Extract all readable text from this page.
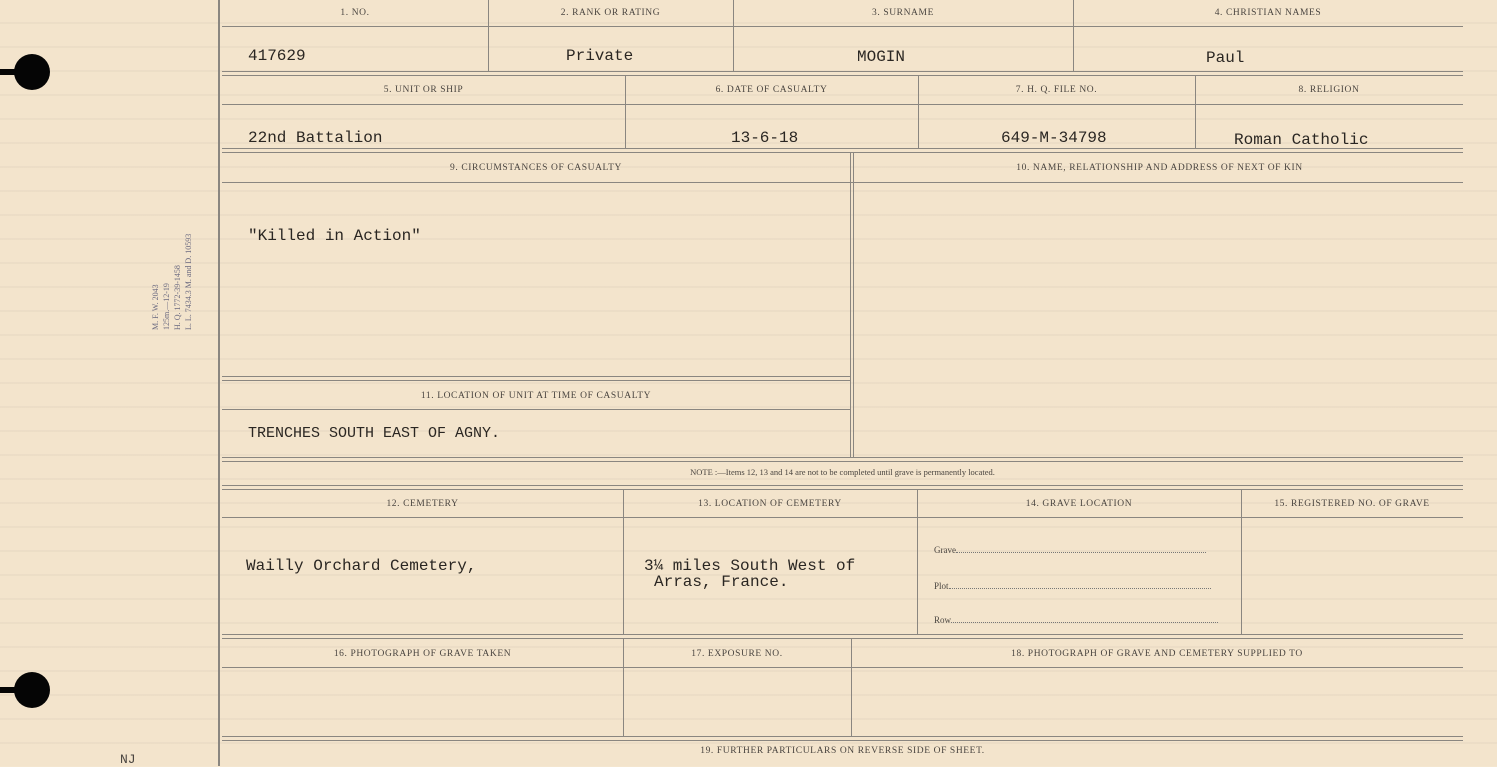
M. F. W. 2043 125m.—12-19 H. Q. 1772-39-1458 L. L. 7434.3 M. and D. 10593
NJ
1. NO.	2. RANK OR RATING	3. SURNAME	4. CHRISTIAN NAMES
417629	Private	MOGIN	Paul
5. UNIT OR SHIP	6. DATE OF CASUALTY	7. H. Q. FILE NO.	8. RELIGION
22nd Battalion	13-6-18	649-M-34798	Roman Catholic
9. CIRCUMSTANCES OF CASUALTY	10. NAME, RELATIONSHIP AND ADDRESS OF NEXT OF KIN
"Killed in Action"
11. LOCATION OF UNIT AT TIME OF CASUALTY
TRENCHES SOUTH EAST OF AGNY.
NOTE :—Items 12, 13 and 14 are not to be completed until grave is permanently located.
12. CEMETERY	13. LOCATION OF CEMETERY	14. GRAVE LOCATION	15. REGISTERED NO. OF GRAVE
Wailly Orchard Cemetery,	3¼ miles South West of
Arras, France.
Grave
Plot
Row
16. PHOTOGRAPH OF GRAVE TAKEN	17. EXPOSURE NO.	18. PHOTOGRAPH OF GRAVE AND CEMETERY SUPPLIED TO
19. FURTHER PARTICULARS ON REVERSE SIDE OF SHEET.
